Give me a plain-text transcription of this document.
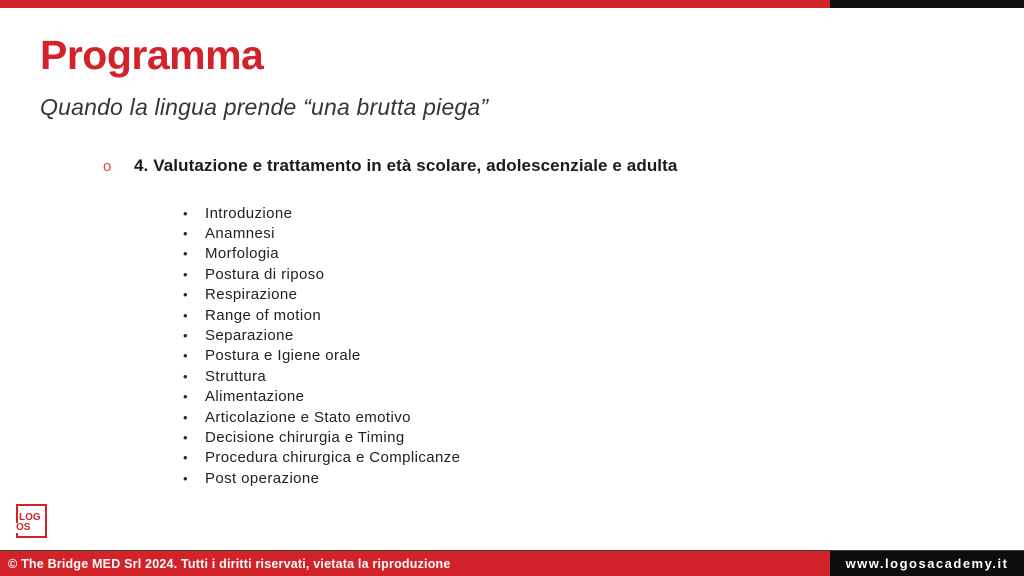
Programma
Quando la lingua prende “una brutta piega”
o	4. Valutazione e trattamento in età scolare, adolescenziale e adulta
•	Introduzione
•	Anamnesi
•	Morfologia
•	Postura di riposo
•	Respirazione
•	Range of motion
•	Separazione
•	Postura e Igiene orale
•	Struttura
•	Alimentazione
•	Articolazione e Stato emotivo
•	Decisione chirurgia e Timing
•	Procedura chirurgica e Complicanze
•	Post operazione
LOG
OS
© The Bridge MED Srl 2024. Tutti i diritti riservati, vietata la riproduzione	www.logosacademy.it
